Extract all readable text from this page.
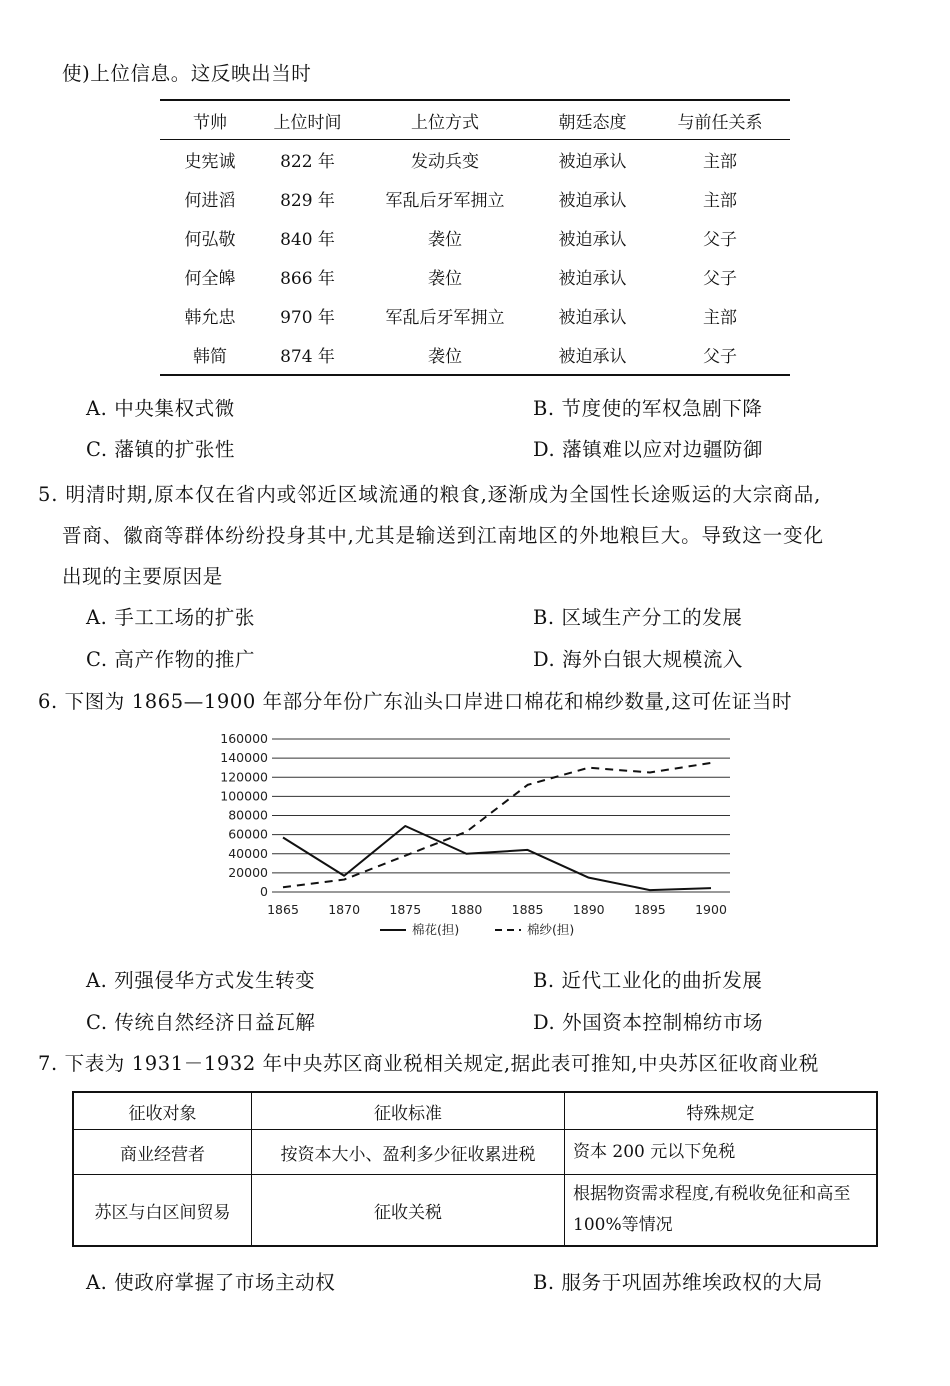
使)上位信息。这反映出当时
节帅	上位时间	上位方式	朝廷态度	与前任关系
史宪诚	822 年	发动兵变	被迫承认	主部
何进滔	829 年	军乱后牙军拥立	被迫承认	主部
何弘敬	840 年	袭位	被迫承认	父子
何全皞	866 年	袭位	被迫承认	父子
韩允忠	970 年	军乱后牙军拥立	被迫承认	主部
韩简	874 年	袭位	被迫承认	父子
A. 中央集权式微	B. 节度使的军权急剧下降
C. 藩镇的扩张性	D. 藩镇难以应对边疆防御
5. 明清时期,原本仅在省内或邻近区域流通的粮食,逐渐成为全国性长途贩运的大宗商品,
晋商、徽商等群体纷纷投身其中,尤其是输送到江南地区的外地粮巨大。导致这一变化
出现的主要原因是
A. 手工工场的扩张	B. 区域生产分工的发展
C. 高产作物的推广	D. 海外白银大规模流入
6. 下图为 1865—1900 年部分年份广东汕头口岸进口棉花和棉纱数量,这可佐证当时
160000
140000
120000
100000
80000
60000
40000
20000
0
1865 1870 1875 1880 1885 1890 1895 1900
棉花(担)	棉纱(担)
A. 列强侵华方式发生转变	B. 近代工业化的曲折发展
C. 传统自然经济日益瓦解	D. 外国资本控制棉纺市场
7. 下表为 1931－1932 年中央苏区商业税相关规定,据此表可推知,中央苏区征收商业税
征收对象	征收标准	特殊规定
商业经营者	按资本大小、盈利多少征收累进税	资本 200 元以下免税
苏区与白区间贸易	征收关税	根据物资需求程度,有税收免征和高至 100%等情况
A. 使政府掌握了市场主动权	B. 服务于巩固苏维埃政权的大局
